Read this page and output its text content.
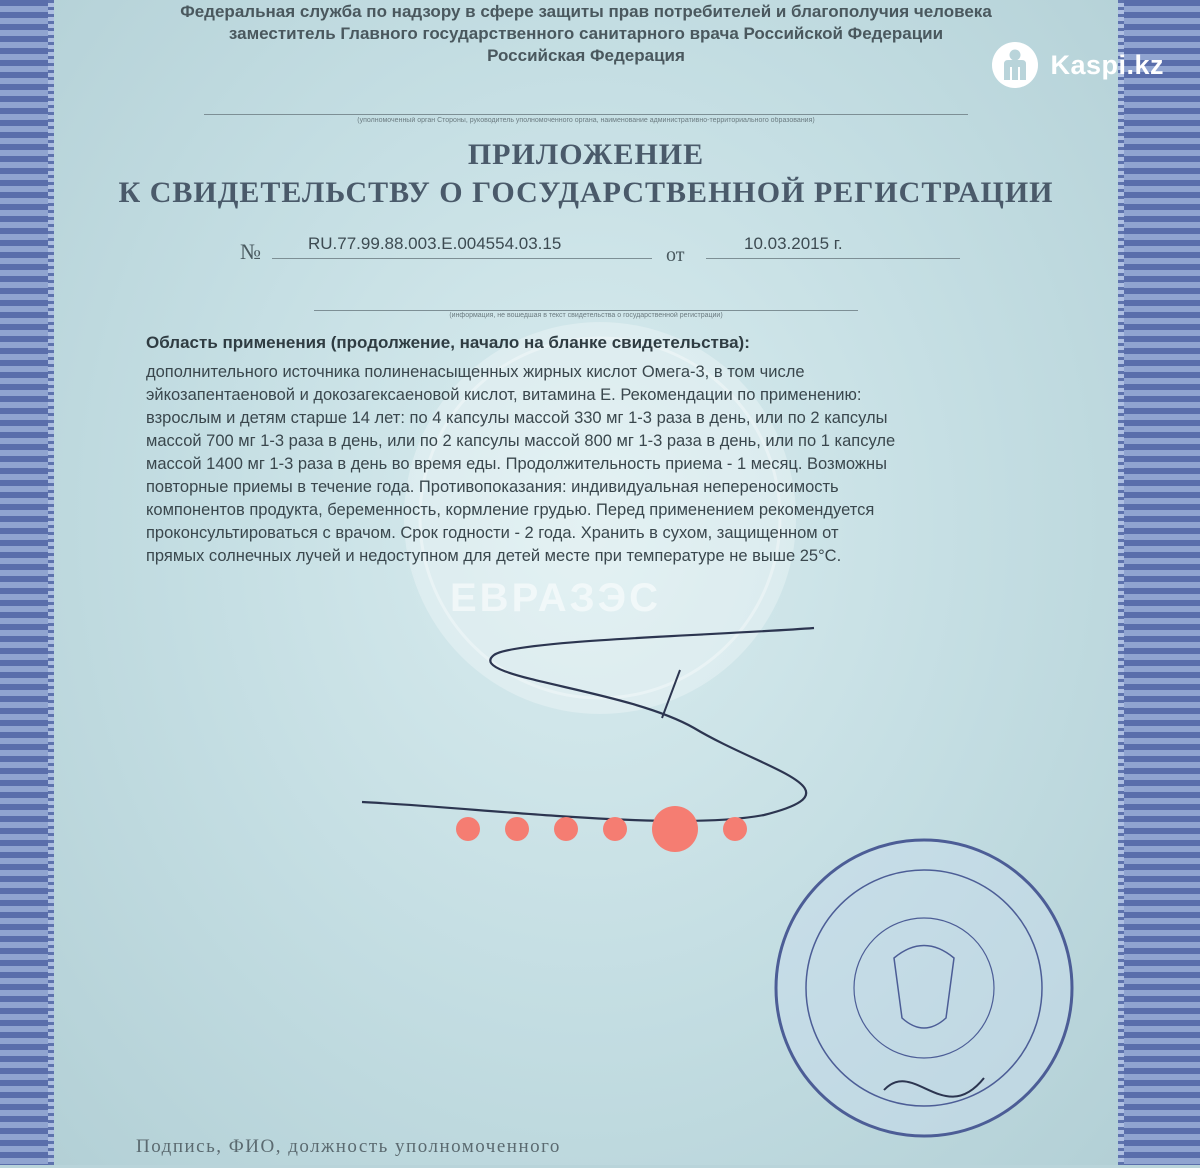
ЕВРАЗЭС
Федеральная служба по надзору в сфере защиты прав потребителей и благополучия человека
заместитель Главного государственного санитарного врача Российской Федерации
Российская Федерация
(уполномоченный орган Стороны, руководитель уполномоченного органа, наименование административно-территориального образования)
ПРИЛОЖЕНИЕ
К СВИДЕТЕЛЬСТВУ О ГОСУДАРСТВЕННОЙ РЕГИСТРАЦИИ
№	RU.77.99.88.003.E.004554.03.15
от
10.03.2015 г.
(информация, не вошедшая в текст свидетельства о государственной регистрации)
Область применения (продолжение, начало на бланке свидетельства):
дополнительного источника полиненасыщенных жирных кислот Омега-3, в том числе
эйкозапентаеновой и докозагексаеновой кислот, витамина Е. Рекомендации по применению:
взрослым и детям старше 14 лет: по 4 капсулы массой 330 мг 1-3 раза в день, или по 2 капсулы
массой 700 мг 1-3 раза в день, или по 2 капсулы массой 800 мг 1-3 раза в день, или по 1 капсуле
массой 1400 мг 1-3 раза в день во время еды. Продолжительность приема - 1 месяц. Возможны
повторные приемы в течение года. Противопоказания: индивидуальная непереносимость
компонентов продукта, беременность, кормление грудью. Перед применением рекомендуется
проконсультироваться с врачом. Срок годности - 2 года. Хранить в сухом, защищенном от
прямых солнечных лучей и недоступном для детей месте при температуре не выше 25°С.
Подпись, ФИО, должность уполномоченного
Kaspi.kz
